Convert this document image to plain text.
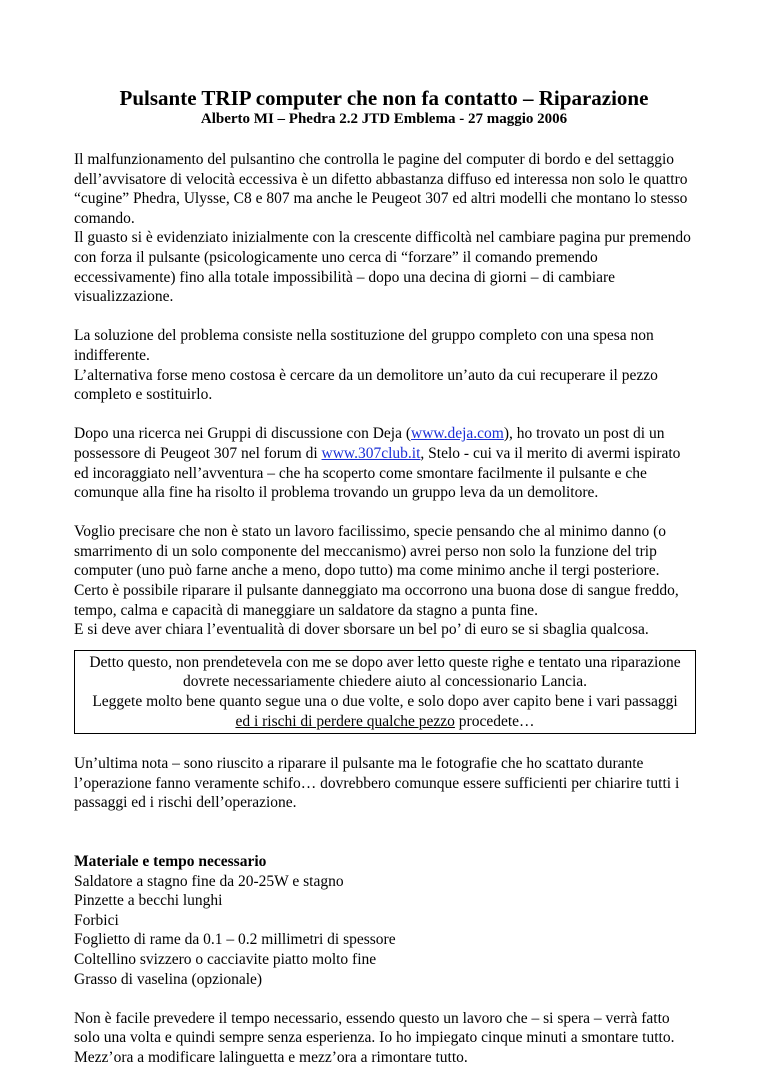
Pulsante TRIP computer che non fa contatto – Riparazione
Alberto MI – Phedra 2.2 JTD Emblema - 27 maggio 2006

Il malfunzionamento del pulsantino che controlla le pagine del computer di bordo e del settaggio dell’avvisatore di velocità eccessiva è un difetto abbastanza diffuso ed interessa non solo le quattro “cugine” Phedra, Ulysse, C8 e 807 ma anche le Peugeot 307 ed altri modelli che montano lo stesso comando.

Il guasto si è evidenziato inizialmente con la crescente difficoltà nel cambiare pagina pur premendo con forza il pulsante (psicologicamente uno cerca di “forzare” il comando premendo eccessivamente) fino alla totale impossibilità – dopo una decina di giorni – di cambiare visualizzazione.

La soluzione del problema consiste nella sostituzione del gruppo completo con una spesa non indifferente.

L’alternativa forse meno costosa è cercare da un demolitore un’auto da cui recuperare il pezzo completo e sostituirlo.

Dopo una ricerca nei Gruppi di discussione con Deja (www.deja.com), ho trovato un post di un possessore di Peugeot 307 nel forum di www.307club.it, Stelo - cui va il merito di avermi ispirato ed incoraggiato nell’avventura – che ha scoperto come smontare facilmente il pulsante e che comunque alla fine ha risolto il problema trovando un gruppo leva da un demolitore.

Voglio precisare che non è stato un lavoro facilissimo, specie pensando che al minimo danno (o smarrimento di un solo componente del meccanismo) avrei perso non solo la funzione del trip computer (uno può farne anche a meno, dopo tutto) ma come minimo anche il tergi posteriore.

Certo è possibile riparare il pulsante danneggiato ma occorrono una buona dose di sangue freddo, tempo, calma e capacità di maneggiare un saldatore da stagno a punta fine.

E si deve aver chiara l’eventualità di dover sborsare un bel po’ di euro se si sbaglia qualcosa.

Detto questo, non prendetevela con me se dopo aver letto queste righe e tentato una riparazione dovrete necessariamente chiedere aiuto al concessionario Lancia.
Leggete molto bene quanto segue una o due volte, e solo dopo aver capito bene i vari passaggi
ed i rischi di perdere qualche pezzo procedete…

Un’ultima nota – sono riuscito a riparare il pulsante ma le fotografie che ho scattato durante l’operazione fanno veramente schifo… dovrebbero comunque essere sufficienti per chiarire tutti i passaggi ed i rischi dell’operazione.

Materiale e tempo necessario
Saldatore a stagno fine da 20-25W e stagno
Pinzette a becchi lunghi
Forbici
Foglietto di rame da 0.1 – 0.2 millimetri di spessore
Coltellino svizzero o cacciavite piatto molto fine
Grasso di vaselina (opzionale)

Non è facile prevedere il tempo necessario, essendo questo un lavoro che – si spera – verrà fatto solo una volta e quindi sempre senza esperienza. Io ho impiegato cinque minuti a smontare tutto. Mezz’ora a modificare lalinguetta e mezz’ora a rimontare tutto.
